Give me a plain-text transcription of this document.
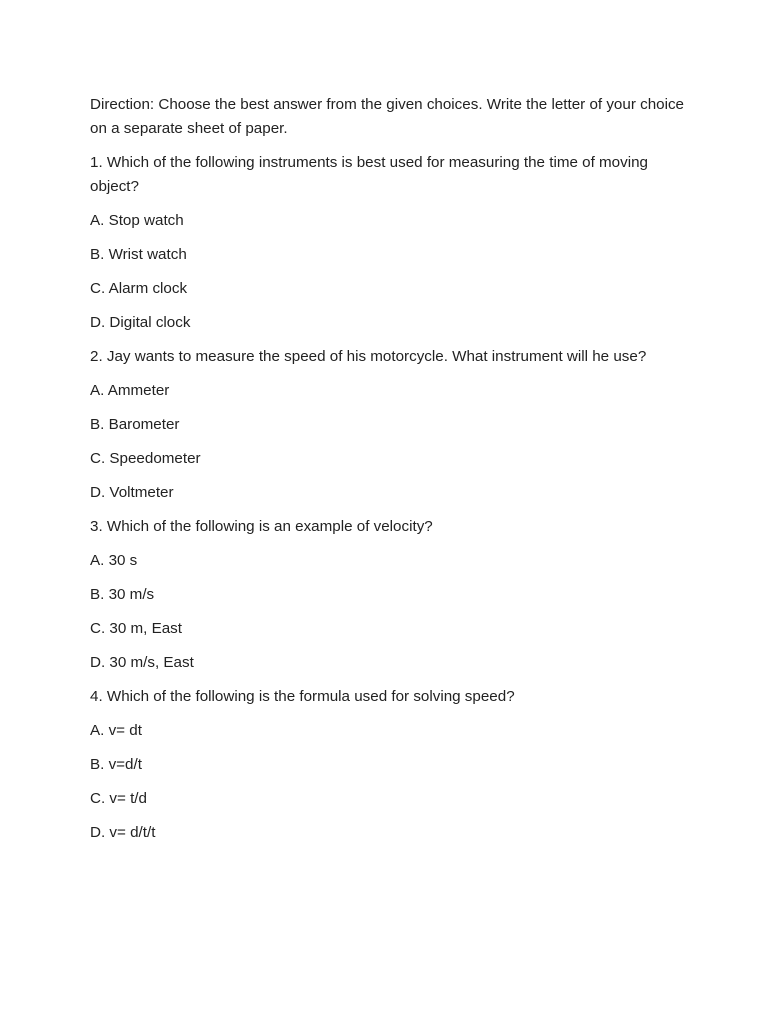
Direction: Choose the best answer from the given choices. Write the letter of your choice on a separate sheet of paper.

1. Which of the following instruments is best used for measuring the time of moving object?

A. Stop watch

B. Wrist watch

C. Alarm clock

D. Digital clock

2. Jay wants to measure the speed of his motorcycle. What instrument will he use?

A. Ammeter

B. Barometer

C. Speedometer

D. Voltmeter

3. Which of the following is an example of velocity?

A. 30 s

B. 30 m/s

C. 30 m, East

D. 30 m/s, East

4. Which of the following is the formula used for solving speed?

A. v= dt

B. v=d/t

C. v= t/d

D. v= d/t/t
